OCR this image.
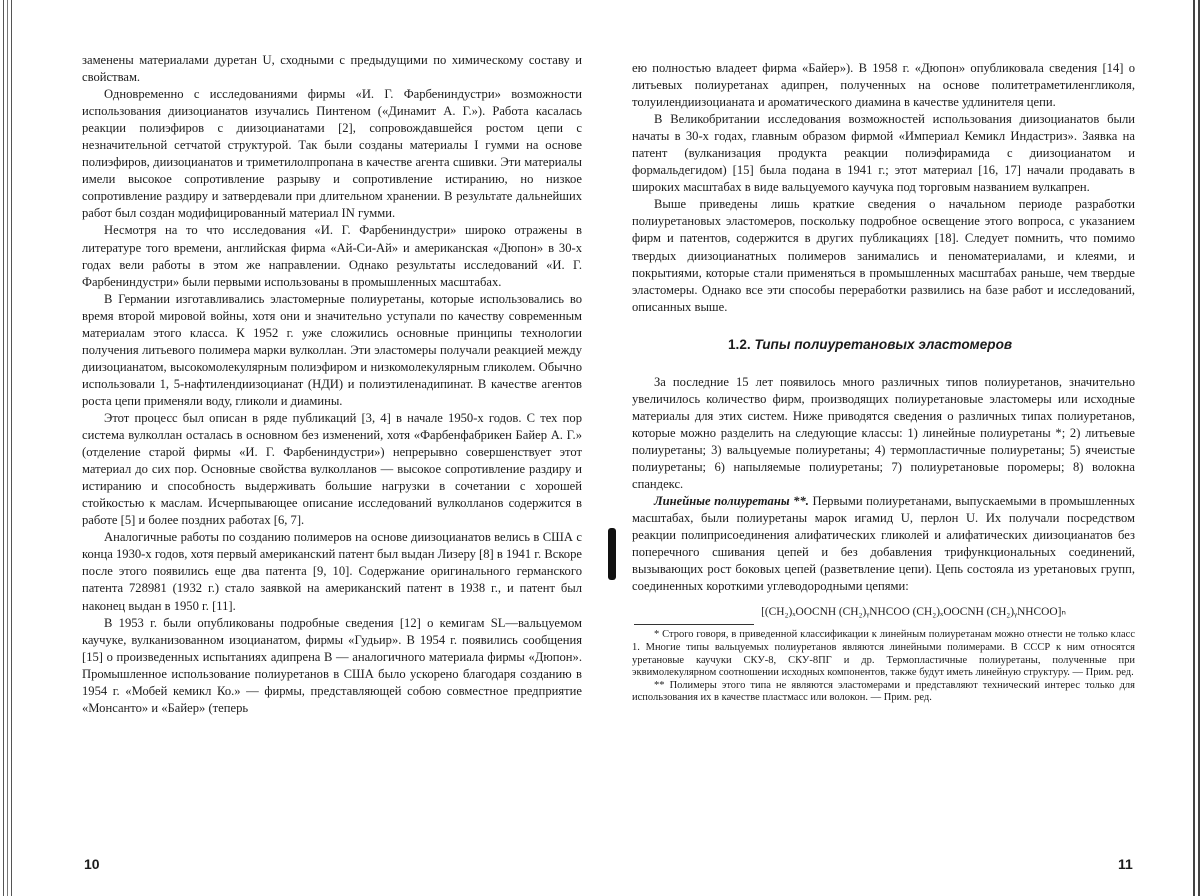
заменены материалами дуретан U, сходными с предыдущими по химическому составу и свойствам.

Одновременно с исследованиями фирмы «И. Г. Фарбениндустри» возможности использования диизоцианатов изучались Пинтеном («Динамит А. Г.»). Работа касалась реакции полиэфиров с диизоцианатами [2], сопровождавшейся ростом цепи с незначительной сетчатой структурой. Так были созданы материалы I гумми на основе полиэфиров, диизоцианатов и триметилолпропана в качестве агента сшивки. Эти материалы имели высокое сопротивление разрыву и сопротивление истиранию, но низкое сопротивление раздиру и затвердевали при длительном хранении. В результате дальнейших работ был создан модифицированный материал IN гумми.

Несмотря на то что исследования «И. Г. Фарбениндустри» широко отражены в литературе того времени, английская фирма «Ай-Си-Ай» и американская «Дюпон» в 30-х годах вели работы в этом же направлении. Однако результаты исследований «И. Г. Фарбениндустри» были первыми использованы в промышленных масштабах.

В Германии изготавливались эластомерные полиуретаны, которые использовались во время второй мировой войны, хотя они и значительно уступали по качеству современным материалам этого класса. К 1952 г. уже сложились основные принципы технологии получения литьевого полимера марки вулколлан. Эти эластомеры получали реакцией между диизоцианатом, высокомолекулярным полиэфиром и низкомолекулярным гликолем. Обычно использовали 1, 5-нафтилендиизоцианат (НДИ) и полиэтиленадипинат. В качестве агентов роста цепи применяли воду, гликоли и диамины.

Этот процесс был описан в ряде публикаций [3, 4] в начале 1950-х годов. С тех пор система вулколлан осталась в основном без изменений, хотя «Фарбенфабрикен Байер А. Г.» (отделение старой фирмы «И. Г. Фарбениндустри») непрерывно совершенствует этот материал до сих пор. Основные свойства вулколланов — высокое сопротивление раздиру и истиранию и способность выдерживать большие нагрузки в сочетании с хорошей стойкостью к маслам. Исчерпывающее описание исследований вулколланов содержится в работе [5] и более поздних работах [6, 7].

Аналогичные работы по созданию полимеров на основе диизоцианатов велись в США с конца 1930-х годов, хотя первый американский патент был выдан Лизеру [8] в 1941 г. Вскоре после этого появились еще два патента [9, 10]. Содержание оригинального германского патента 728981 (1932 г.) стало заявкой на американский патент в 1938 г., и патент был наконец выдан в 1950 г. [11].

В 1953 г. были опубликованы подробные сведения [12] о кемигам SL—вальцуемом каучуке, вулканизованном изоцианатом, фирмы «Гудьир». В 1954 г. появились сообщения [15] о произведенных испытаниях адипрена В — аналогичного материала фирмы «Дюпон». Промышленное использование полиуретанов в США было ускорено благодаря созданию в 1954 г. «Мобей кемикл Ко.» — фирмы, представляющей собою совместное предприятие «Монсанто» и «Байер» (теперь

10

ею полностью владеет фирма «Байер»). В 1958 г. «Дюпон» опубликовала сведения [14] о литьевых полиуретанах адипрен, полученных на основе политетраметиленгликоля, толуилендиизоцианата и ароматического диамина в качестве удлинителя цепи.

В Великобритании исследования возможностей использования диизоцианатов были начаты в 30-х годах, главным образом фирмой «Империал Кемикл Индастриз». Заявка на патент (вулканизация продукта реакции полиэфирамида с диизоцианатом и формальдегидом) [15] была подана в 1941 г.; этот материал [16, 17] начали продавать в широких масштабах в виде вальцуемого каучука под торговым названием вулкапрен.

Выше приведены лишь краткие сведения о начальном периоде разработки полиуретановых эластомеров, поскольку подробное освещение этого вопроса, с указанием фирм и патентов, содержится в других публикациях [18]. Следует помнить, что помимо твердых диизоцианатных полимеров занимались и пеноматериалами, и клеями, и покрытиями, которые стали применяться в промышленных масштабах раньше, чем твердые эластомеры. Однако все эти способы переработки развились на базе работ и исследований, описанных выше.

1.2. Типы полиуретановых эластомеров

За последние 15 лет появилось много различных типов полиуретанов, значительно увеличилось количество фирм, производящих полиуретановые эластомеры или исходные материалы для этих систем. Ниже приводятся сведения о различных типах полиуретанов, которые можно разделить на следующие классы: 1) линейные полиуретаны *; 2) литьевые полиуретаны; 3) вальцуемые полиуретаны; 4) термопластичные полиуретаны; 5) ячеистые полиуретаны; 6) напыляемые полиуретаны; 7) полиуретановые поромеры; 8) волокна спандекс.

Линейные полиуретаны **. Первыми полиуретанами, выпускаемыми в промышленных масштабах, были полиуретаны марок игамид U, перлон U. Их получали посредством реакции полиприсоединения алифатических гликолей и алифатических диизоцианатов без поперечного сшивания цепей и без добавления трифункциональных соединений, вызывающих рост боковых цепей (разветвление цепи). Цепь состояла из уретановых групп, соединенных короткими углеводородными цепями:

[(CH₂)ₓOOCNH (CH₂)ᵧNHCOO (CH₂)ₓOOCNH (CH₂)ᵧNHCOO]ₙ

* Строго говоря, в приведенной классификации к линейным полиуретанам можно отнести не только класс 1. Многие типы вальцуемых полиуретанов являются линейными полимерами. В СССР к ним относятся уретановые каучуки СКУ-8, СКУ-8ПГ и др. Термопластичные полиуретаны, полученные при эквимолекулярном соотношении исходных компонентов, также будут иметь линейную структуру. — Прим. ред.

** Полимеры этого типа не являются эластомерами и представляют технический интерес только для использования их в качестве пластмасс или волокон. — Прим. ред.

11
